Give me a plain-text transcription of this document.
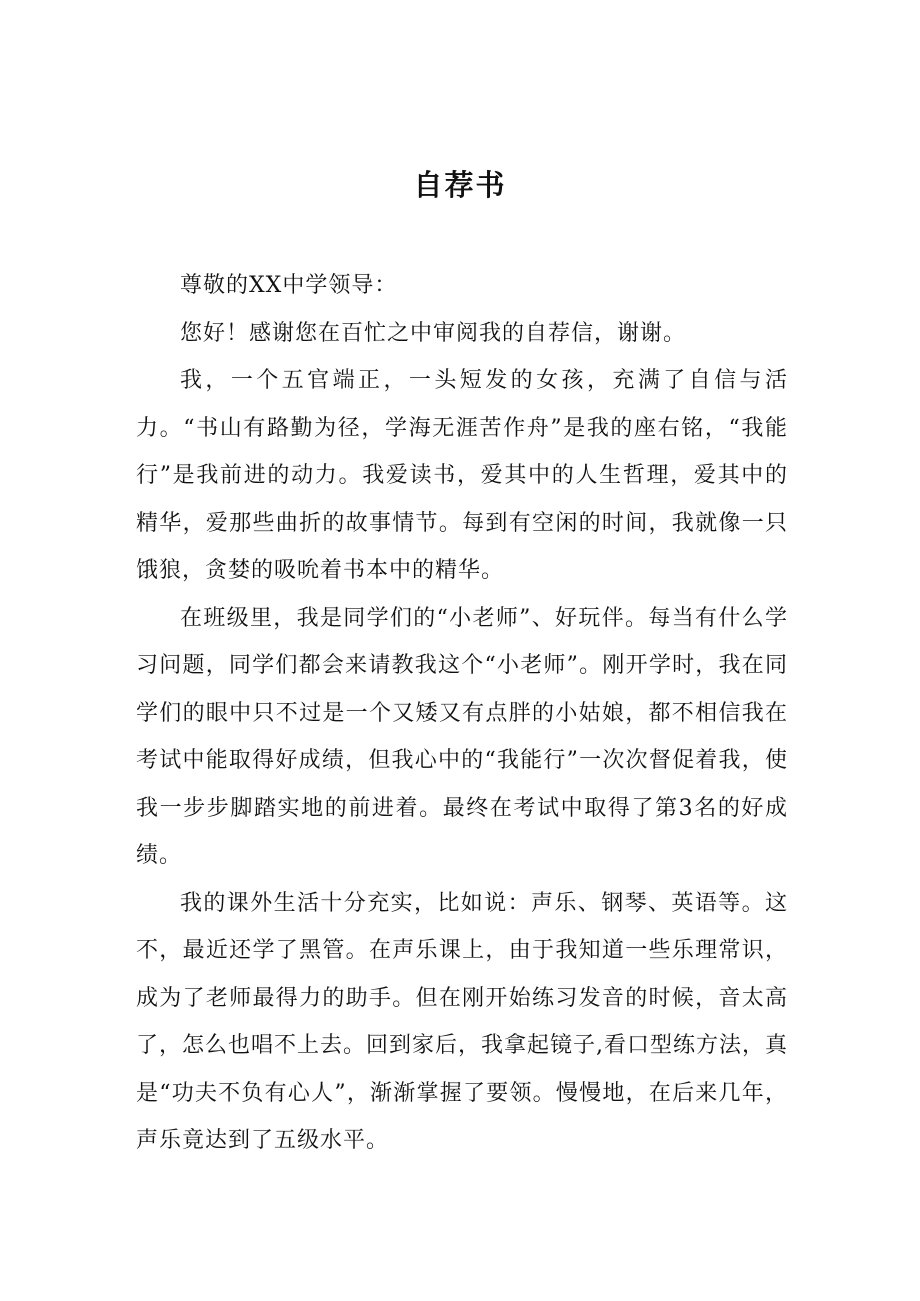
自荐书

尊敬的XX中学领导：

您好！感谢您在百忙之中审阅我的自荐信，谢谢。

我，一个五官端正，一头短发的女孩，充满了自信与活力。“书山有路勤为径，学海无涯苦作舟”是我的座右铭，“我能行”是我前进的动力。我爱读书，爱其中的人生哲理，爱其中的精华，爱那些曲折的故事情节。每到有空闲的时间，我就像一只饿狼，贪婪的吸吮着书本中的精华。

在班级里，我是同学们的“小老师”、好玩伴。每当有什么学习问题，同学们都会来请教我这个“小老师”。刚开学时，我在同学们的眼中只不过是一个又矮又有点胖的小姑娘，都不相信我在考试中能取得好成绩，但我心中的“我能行”一次次督促着我，使我一步步脚踏实地的前进着。最终在考试中取得了第3名的好成绩。

我的课外生活十分充实，比如说：声乐、钢琴、英语等。这不，最近还学了黑管。在声乐课上，由于我知道一些乐理常识，成为了老师最得力的助手。但在刚开始练习发音的时候，音太高了，怎么也唱不上去。回到家后，我拿起镜子,看口型练方法，真是“功夫不负有心人”，渐渐掌握了要领。慢慢地，在后来几年，声乐竟达到了五级水平。
